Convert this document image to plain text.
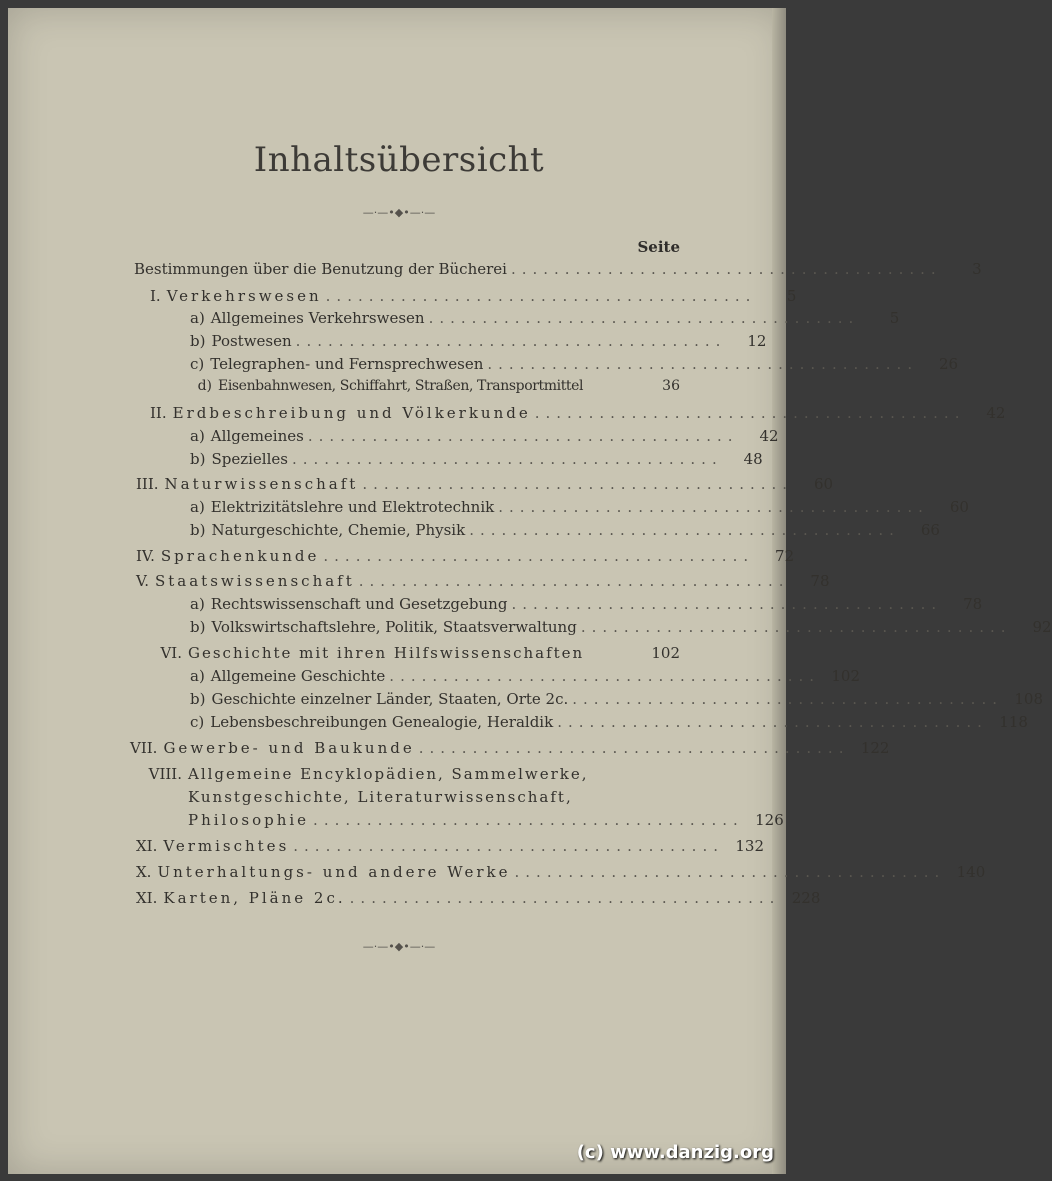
Inhaltsübersicht
—·—•◆•—·—
Seite
Bestimmungen über die Benutzung der Bücherei ........................................	3
I. Verkehrswesen ........................................	5
a) Allgemeines Verkehrswesen ........................................	5
b) Postwesen ........................................	12
c) Telegraphen- und Fernsprechwesen ........................................	26
d) Eisenbahnwesen, Schiffahrt, Straßen, Transportmittel	36
II. Erdbeschreibung und Völkerkunde ........................................	42
a) Allgemeines ........................................	42
b) Spezielles ........................................	48
III. Naturwissenschaft ........................................	60
a) Elektrizitätslehre und Elektrotechnik ........................................	60
b) Naturgeschichte, Chemie, Physik ........................................	66
IV. Sprachenkunde ........................................	72
V. Staatswissenschaft ........................................	78
a) Rechtswissenschaft und Gesetzgebung ........................................	78
b) Volkswirtschaftslehre, Politik, Staatsverwaltung ........................................	92
VI. Geschichte mit ihren Hilfswissenschaften	102
a) Allgemeine Geschichte ........................................ 102
b) Geschichte einzelner Länder, Staaten, Orte 2c. ........................................ 108
c) Lebensbeschreibungen Genealogie, Heraldik ........................................ 118
VII. Gewerbe- und Baukunde ........................................ 122
VIII. Allgemeine Encyklopädien, Sammelwerke,
Kunstgeschichte, Literaturwissenschaft,
Philosophie ........................................ 126
XI. Vermischtes ........................................ 132
X. Unterhaltungs- und andere Werke ........................................ 140
XI. Karten, Pläne 2c. ........................................ 228
—·—•◆•—·—
(c) www.danzig.org
